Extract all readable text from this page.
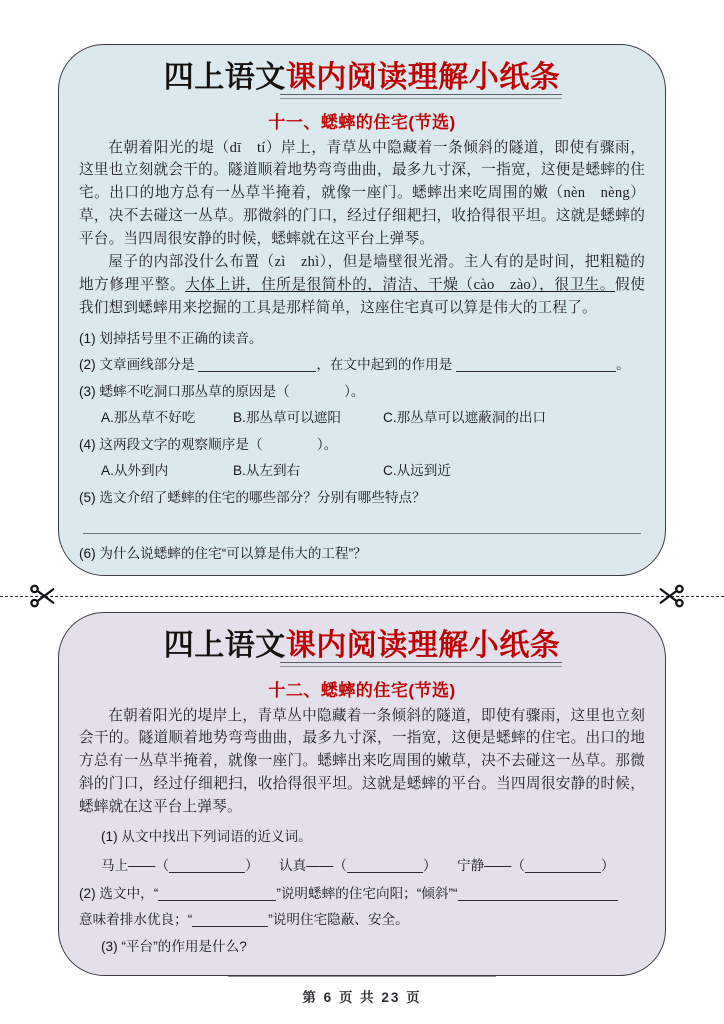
四上语文课内阅读理解小纸条
十一、蟋蟀的住宅(节选)

在朝着阳光的堤（dī　tí）岸上，青草丛中隐藏着一条倾斜的隧道，即使有骤雨，这里也立刻就会干的。隧道顺着地势弯弯曲曲，最多九寸深，一指宽，这便是蟋蟀的住宅。出口的地方总有一丛草半掩着，就像一座门。蟋蟀出来吃周围的嫩（nèn　nèng）草，决不去碰这一丛草。那微斜的门口，经过仔细耙扫，收拾得很平坦。这就是蟋蟀的平台。当四周很安静的时候，蟋蟀就在这平台上弹琴。

屋子的内部没什么布置（zì　zhì），但是墙壁很光滑。主人有的是时间，把粗糙的地方修理平整。大体上讲，住所是很简朴的，清洁、干燥（cào　zào），很卫生。假使我们想到蟋蟀用来挖掘的工具是那样简单，这座住宅真可以算是伟大的工程了。

(1) 划掉括号里不正确的读音。
(2) 文章画线部分是	，在文中起到的作用是	。
(3) 蟋蟀不吃洞口那丛草的原因是（　　　　）。
A.那丛草不好吃	B.那丛草可以遮阳	C.那丛草可以遮蔽洞的出口
(4) 这两段文字的观察顺序是（　　　　）。
A.从外到内	B.从左到右	C.从远到近
(5) 选文介绍了蟋蟀的住宅的哪些部分？分别有哪些特点？
(6) 为什么说蟋蟀的住宅“可以算是伟大的工程”？
四上语文课内阅读理解小纸条
十二、蟋蟀的住宅(节选)

在朝着阳光的堤岸上，青草丛中隐藏着一条倾斜的隧道，即使有骤雨，这里也立刻会干的。隧道顺着地势弯弯曲曲，最多九寸深，一指宽，这便是蟋蟀的住宅。出口的地方总有一丛草半掩着，就像一座门。蟋蟀出来吃周围的嫩草，决不去碰这一丛草。那微斜的门口，经过仔细耙扫，收拾得很平坦。这就是蟋蟀的平台。当四周很安静的时候，蟋蟀就在这平台上弹琴。

(1) 从文中找出下列词语的近义词。
马上——（	） 认真——（	） 宁静——（	）
(2) 选文中，“	”说明蟋蟀的住宅向阳；“倾斜”“
意味着排水优良；“	”说明住宅隐蔽、安全。
(3) “平台”的作用是什么?
第 6 页 共 23 页
